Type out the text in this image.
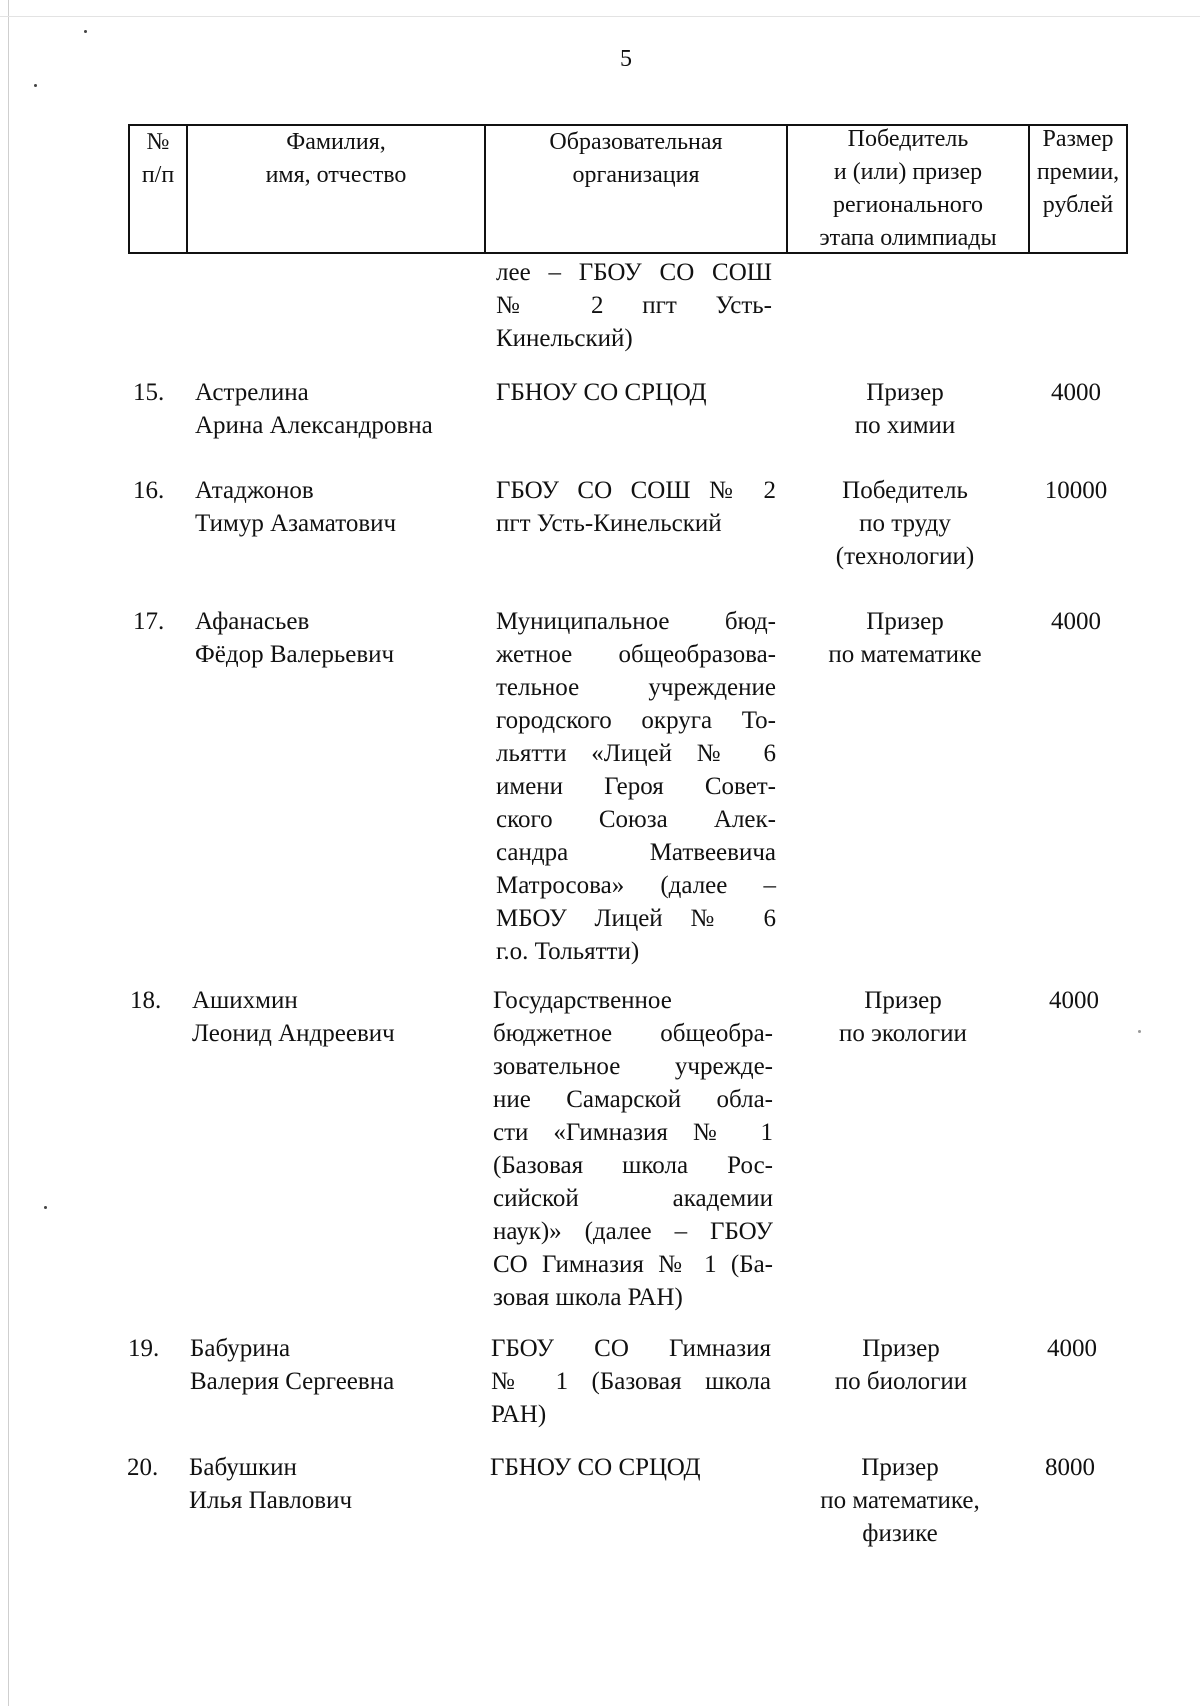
5
№
п/п
Фамилия,
имя, отчество
Образовательная
организация
Победитель
и (или) призер
регионального
этапа олимпиады
Размер
премии,
рублей
лее – ГБОУ СО СОШ
№ 2 пгт Усть-
Кинельский)
15. Астрелина
Арина Александровна
ГБНОУ СО СРЦОД	Призер
по химии
4000
16. Атаджонов
Тимур Азаматович
ГБОУ СО СОШ № 2
пгт Усть-Кинельский
Победитель
по труду
(технологии)
10000
17. Афанасьев
Фёдор Валерьевич
Муниципальное бюд-
жетное общеобразова-
тельное учреждение
городского округа То-
льятти «Лицей № 6
имени Героя Совет-
ского Союза Алек-
сандра Матвеевича
Матросова» (далее –
МБОУ Лицей № 6
г.о. Тольятти)
Призер
по математике
4000
18. Ашихмин
Леонид Андреевич
Государственное
бюджетное общеобра-
зовательное учрежде-
ние Самарской обла-
сти «Гимназия № 1
(Базовая школа Рос-
сийской академии
наук)» (далее – ГБОУ
СО Гимназия № 1 (Ба-
зовая школа РАН)
Призер
по экологии
4000
19. Бабурина
Валерия Сергеевна
ГБОУ СО Гимназия
№ 1 (Базовая школа
РАН)
Призер
по биологии
4000
20. Бабушкин
Илья Павлович
ГБНОУ СО СРЦОД	Призер
по математике,
физике
8000
